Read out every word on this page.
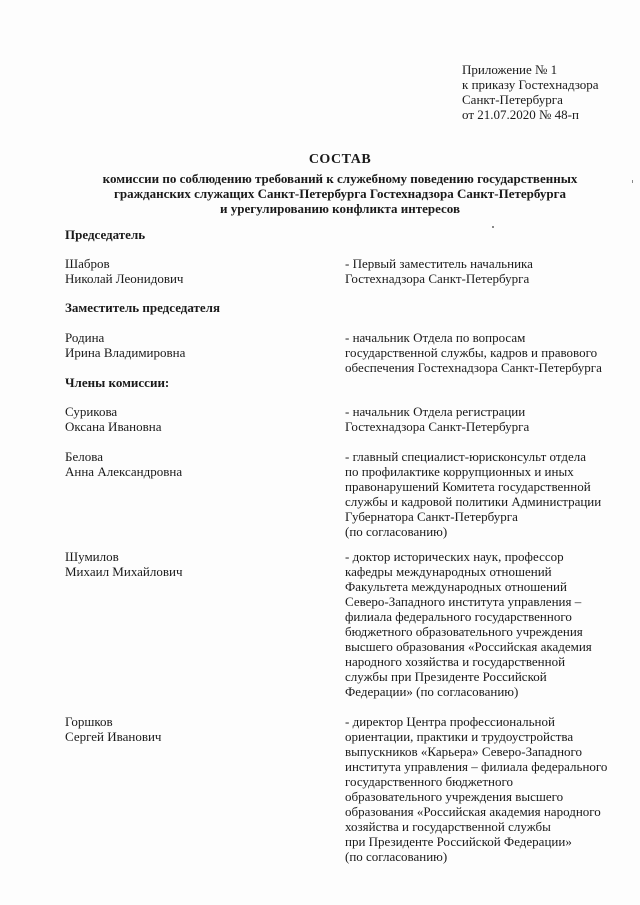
Приложение № 1
к приказу Гостехнадзора
Санкт-Петербурга
от 21.07.2020 № 48-п
СОСТАВ
комиссии по соблюдению требований к служебному поведению государственных
гражданских служащих Санкт-Петербурга Гостехнадзора Санкт-Петербурга
и урегулированию конфликта интересов
Председатель
Шабров
Николай Леонидович
- Первый заместитель начальника
Гостехнадзора Санкт-Петербурга
Заместитель председателя
Родина
Ирина Владимировна
- начальник Отдела по вопросам
государственной службы, кадров и правового
обеспечения Гостехнадзора Санкт-Петербурга
Члены комиссии:
Сурикова
Оксана Ивановна
- начальник Отдела регистрации
Гостехнадзора Санкт-Петербурга
Белова
Анна Александровна
- главный специалист-юрисконсульт отдела
по профилактике коррупционных и иных
правонарушений Комитета государственной
службы и кадровой политики Администрации
Губернатора Санкт-Петербурга
(по согласованию)
Шумилов
Михаил Михайлович
- доктор исторических наук, профессор
кафедры международных отношений
Факультета международных отношений
Северо-Западного института управления –
филиала федерального государственного
бюджетного образовательного учреждения
высшего образования «Российская академия
народного хозяйства и государственной
службы при Президенте Российской
Федерации» (по согласованию)
Горшков
Сергей Иванович
- директор Центра профессиональной
ориентации, практики и трудоустройства
выпускников «Карьера» Северо-Западного
института управления – филиала федерального
государственного бюджетного
образовательного учреждения высшего
образования «Российская академия народного
хозяйства и государственной службы
при Президенте Российской Федерации»
(по согласованию)
